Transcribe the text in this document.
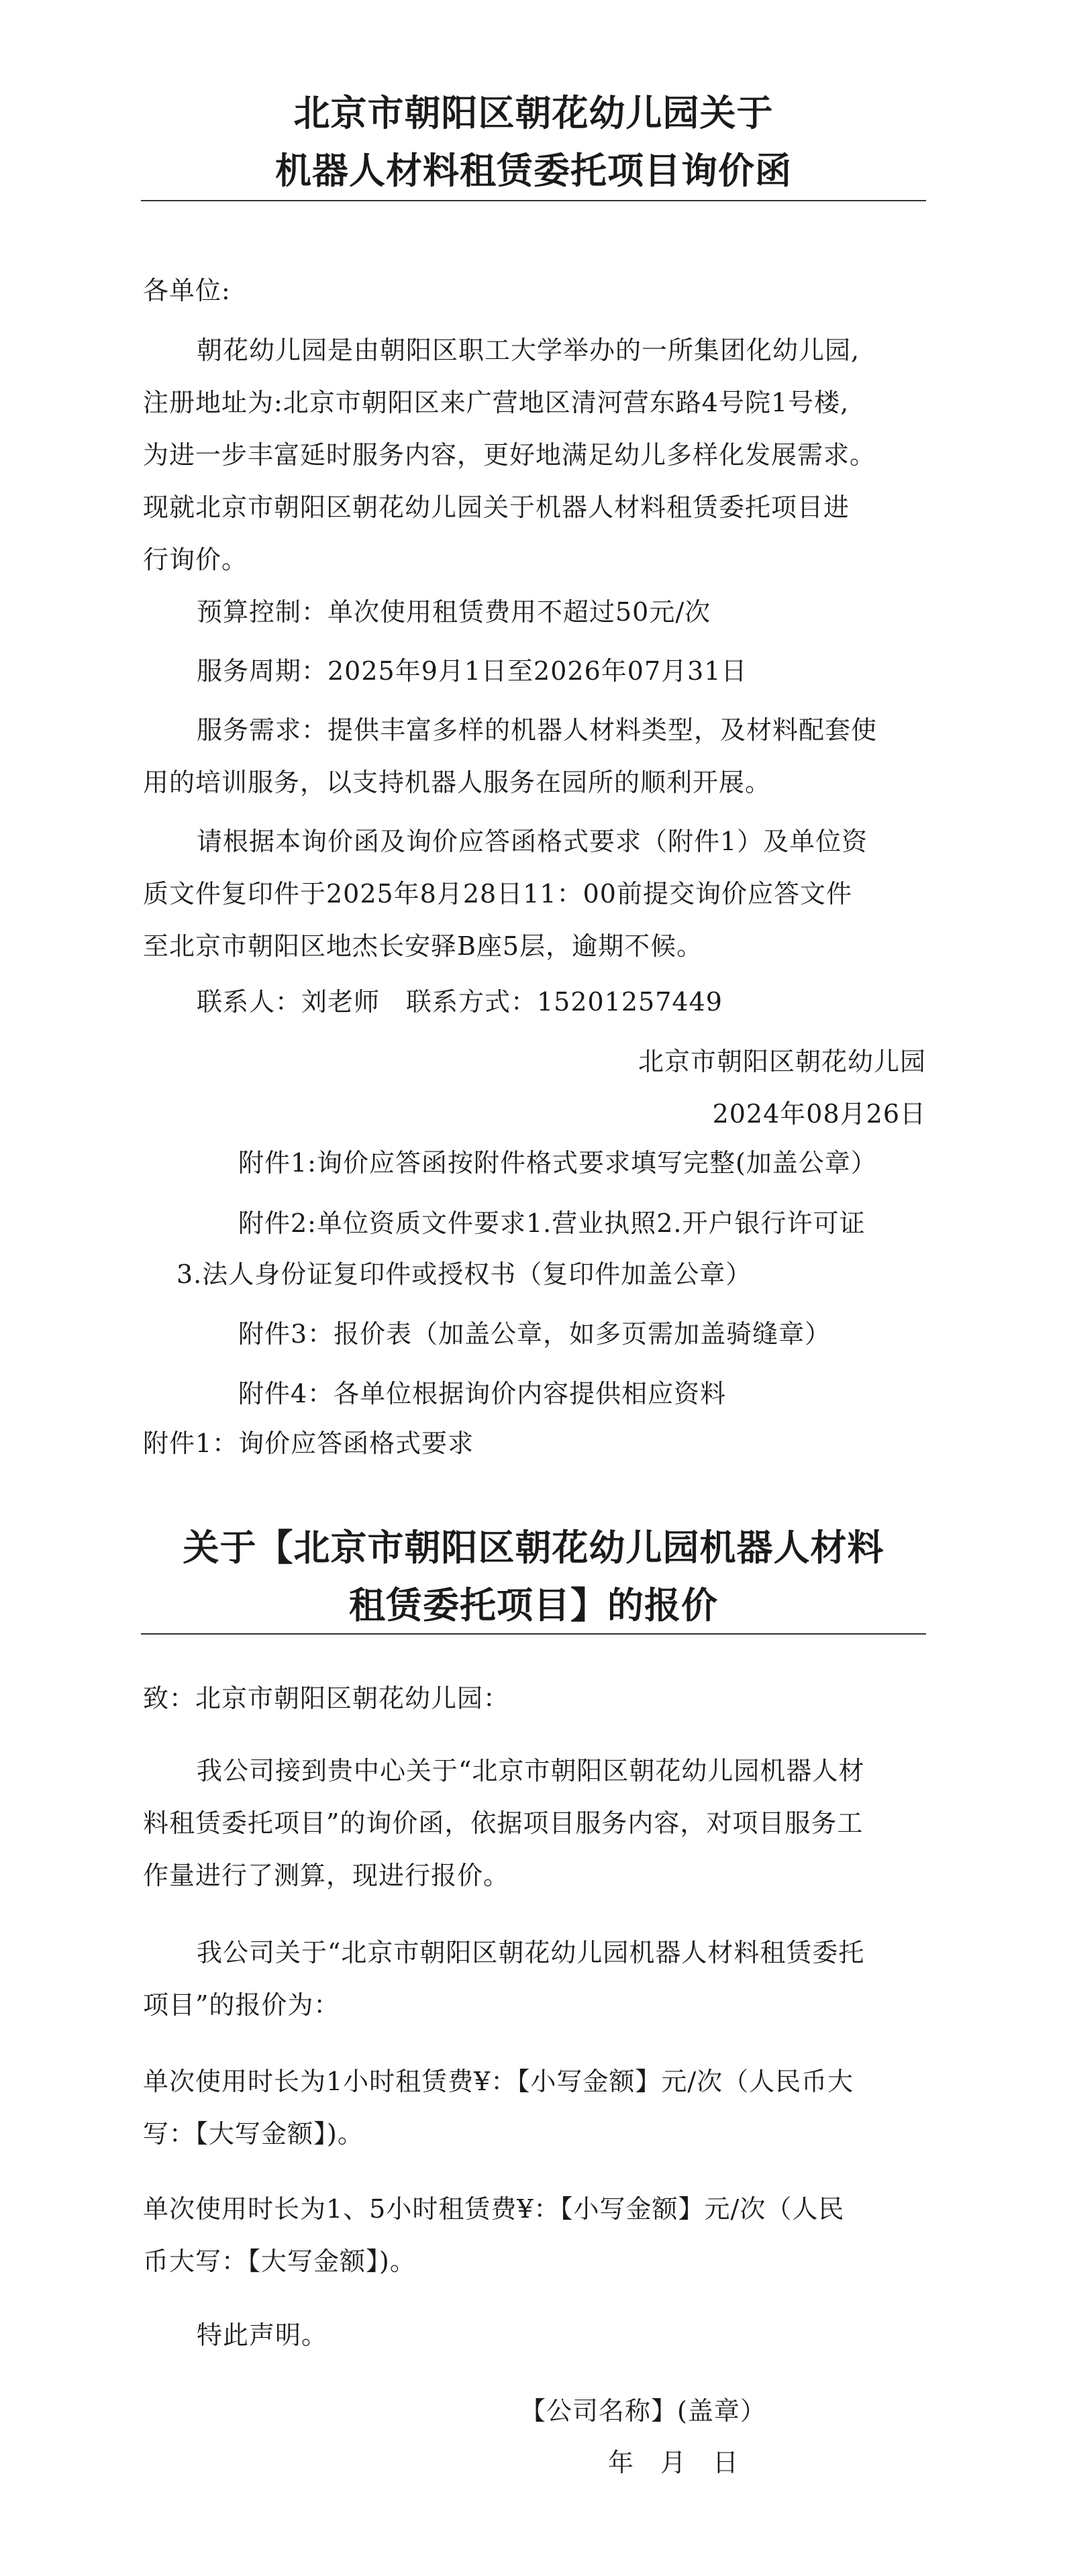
北京市朝阳区朝花幼儿园关于
机器人材料租赁委托项目询价函
各单位:
朝花幼儿园是由朝阳区职工大学举办的一所集团化幼儿园,
注册地址为:北京市朝阳区来广营地区清河营东路4号院1号楼,
为进一步丰富延时服务内容，更好地满足幼儿多样化发展需求。
现就北京市朝阳区朝花幼儿园关于机器人材料租赁委托项目进
行询价。
预算控制：单次使用租赁费用不超过50元/次
服务周期：2025年9月1日至2026年07月31日
服务需求：提供丰富多样的机器人材料类型，及材料配套使
用的培训服务，以支持机器人服务在园所的顺利开展。
请根据本询价函及询价应答函格式要求（附件1）及单位资
质文件复印件于2025年8月28日11：00前提交询价应答文件
至北京市朝阳区地杰长安驿B座5层，逾期不候。
联系人：刘老师　联系方式：15201257449
北京市朝阳区朝花幼儿园
2024年08月26日
附件1:询价应答函按附件格式要求填写完整(加盖公章）
附件2:单位资质文件要求1.营业执照2.开户银行许可证
3.法人身份证复印件或授权书（复印件加盖公章）
附件3：报价表（加盖公章，如多页需加盖骑缝章）
附件4：各单位根据询价内容提供相应资料
附件1：询价应答函格式要求
关于【北京市朝阳区朝花幼儿园机器人材料
租赁委托项目】的报价
致：北京市朝阳区朝花幼儿园：
我公司接到贵中心关于“北京市朝阳区朝花幼儿园机器人材
料租赁委托项目”的询价函，依据项目服务内容，对项目服务工
作量进行了测算，现进行报价。
我公司关于“北京市朝阳区朝花幼儿园机器人材料租赁委托
项目”的报价为：
单次使用时长为1小时租赁费¥：【小写金额】元/次（人民币大
写：【大写金额】)。
单次使用时长为1、5小时租赁费¥：【小写金额】元/次（人民
币大写：【大写金额】)。
特此声明。
【公司名称】(盖章）
年　月　日
